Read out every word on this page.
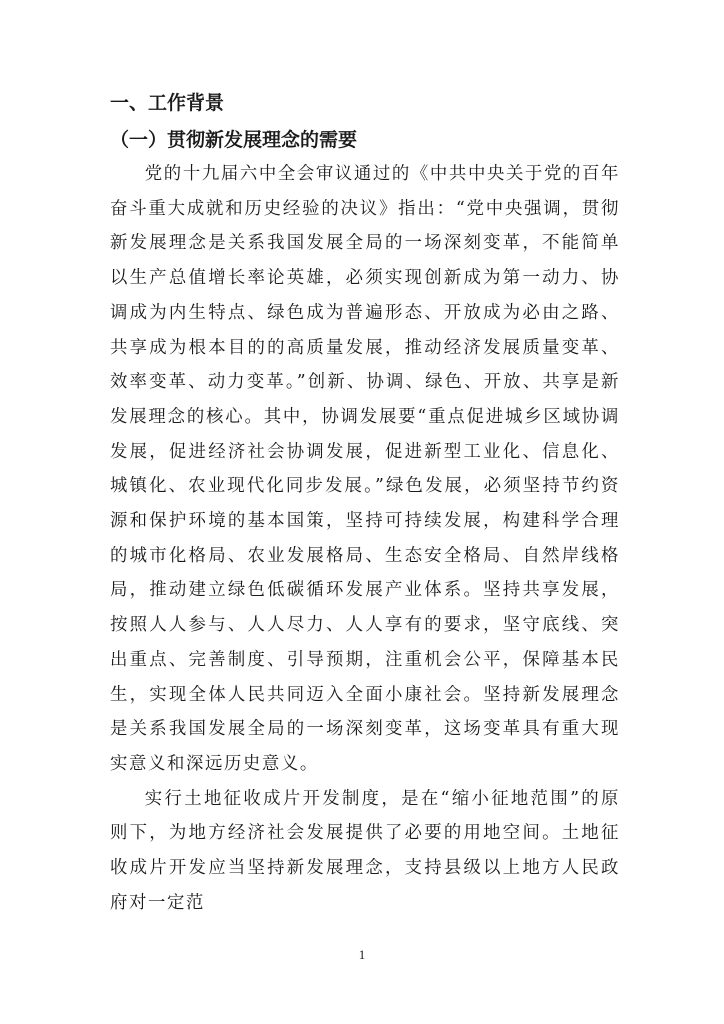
一、工作背景
（一）贯彻新发展理念的需要

党的十九届六中全会审议通过的《中共中央关于党的百年奋斗重大成就和历史经验的决议》指出：“党中央强调，贯彻新发展理念是关系我国发展全局的一场深刻变革，不能简单以生产总值增长率论英雄，必须实现创新成为第一动力、协调成为内生特点、绿色成为普遍形态、开放成为必由之路、共享成为根本目的的高质量发展，推动经济发展质量变革、效率变革、动力变革。”创新、协调、绿色、开放、共享是新发展理念的核心。其中，协调发展要“重点促进城乡区域协调发展，促进经济社会协调发展，促进新型工业化、信息化、城镇化、农业现代化同步发展。”绿色发展，必须坚持节约资源和保护环境的基本国策，坚持可持续发展，构建科学合理的城市化格局、农业发展格局、生态安全格局、自然岸线格局，推动建立绿色低碳循环发展产业体系。坚持共享发展，按照人人参与、人人尽力、人人享有的要求，坚守底线、突出重点、完善制度、引导预期，注重机会公平，保障基本民生，实现全体人民共同迈入全面小康社会。坚持新发展理念是关系我国发展全局的一场深刻变革，这场变革具有重大现实意义和深远历史意义。

实行土地征收成片开发制度，是在“缩小征地范围”的原则下，为地方经济社会发展提供了必要的用地空间。土地征收成片开发应当坚持新发展理念，支持县级以上地方人民政府对一定范

1
